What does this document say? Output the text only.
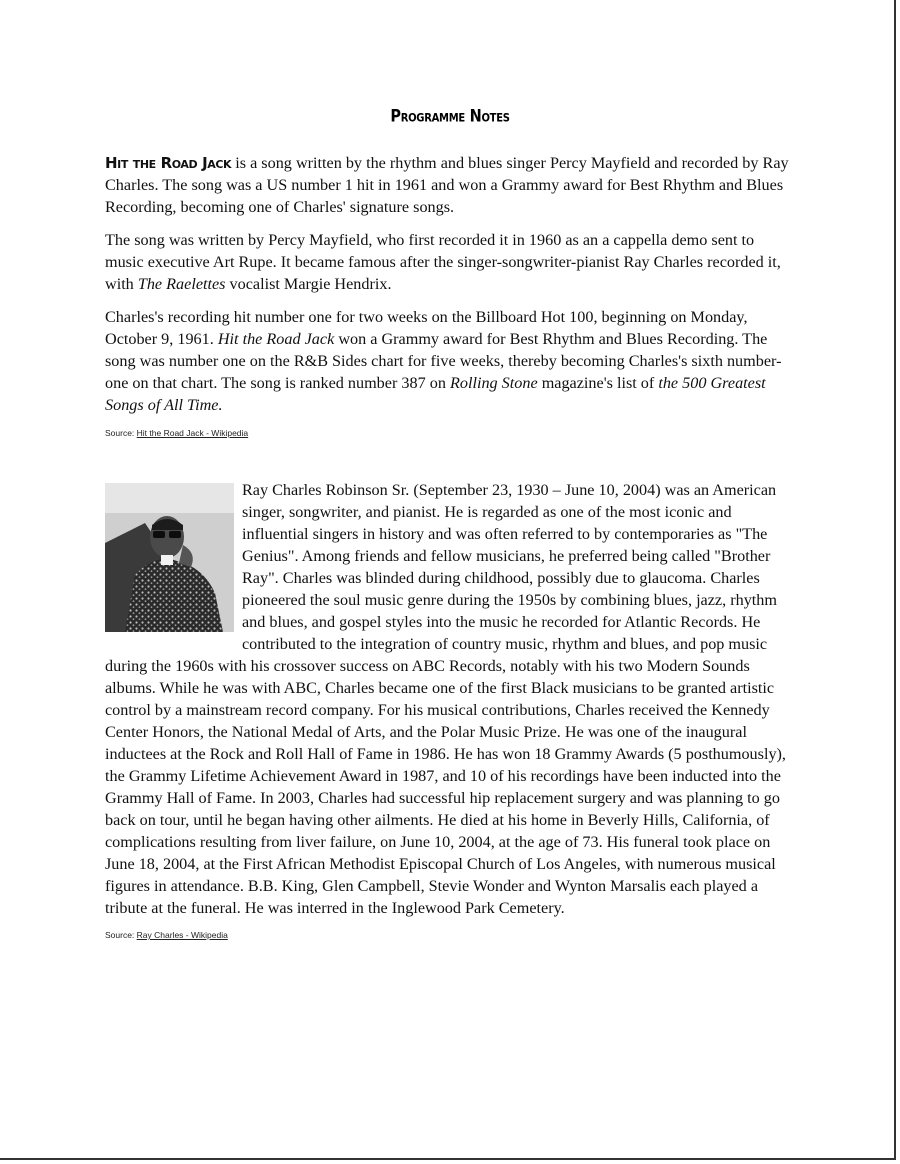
Programme Notes

Hit the Road Jack is a song written by the rhythm and blues singer Percy Mayfield and recorded by Ray Charles. The song was a US number 1 hit in 1961 and won a Grammy award for Best Rhythm and Blues Recording, becoming one of Charles' signature songs.

The song was written by Percy Mayfield, who first recorded it in 1960 as an a cappella demo sent to music executive Art Rupe. It became famous after the singer-songwriter-pianist Ray Charles recorded it, with The Raelettes vocalist Margie Hendrix.

Charles's recording hit number one for two weeks on the Billboard Hot 100, beginning on Monday, October 9, 1961. Hit the Road Jack won a Grammy award for Best Rhythm and Blues Recording. The song was number one on the R&B Sides chart for five weeks, thereby becoming Charles's sixth number-one on that chart. The song is ranked number 387 on Rolling Stone magazine's list of the 500 Greatest Songs of All Time.

Source: Hit the Road Jack - Wikipedia

Ray Charles Robinson Sr. (September 23, 1930 – June 10, 2004) was an American singer, songwriter, and pianist. He is regarded as one of the most iconic and influential singers in history and was often referred to by contemporaries as "The Genius". Among friends and fellow musicians, he preferred being called "Brother Ray". Charles was blinded during childhood, possibly due to glaucoma. Charles pioneered the soul music genre during the 1950s by combining blues, jazz, rhythm and blues, and gospel styles into the music he recorded for Atlantic Records. He contributed to the integration of country music, rhythm and blues, and pop music during the 1960s with his crossover success on ABC Records, notably with his two Modern Sounds albums. While he was with ABC, Charles became one of the first Black musicians to be granted artistic control by a mainstream record company. For his musical contributions, Charles received the Kennedy Center Honors, the National Medal of Arts, and the Polar Music Prize. He was one of the inaugural inductees at the Rock and Roll Hall of Fame in 1986. He has won 18 Grammy Awards (5 posthumously), the Grammy Lifetime Achievement Award in 1987, and 10 of his recordings have been inducted into the Grammy Hall of Fame. In 2003, Charles had successful hip replacement surgery and was planning to go back on tour, until he began having other ailments. He died at his home in Beverly Hills, California, of complications resulting from liver failure, on June 10, 2004, at the age of 73. His funeral took place on June 18, 2004, at the First African Methodist Episcopal Church of Los Angeles, with numerous musical figures in attendance. B.B. King, Glen Campbell, Stevie Wonder and Wynton Marsalis each played a tribute at the funeral. He was interred in the Inglewood Park Cemetery.

Source: Ray Charles - Wikipedia
